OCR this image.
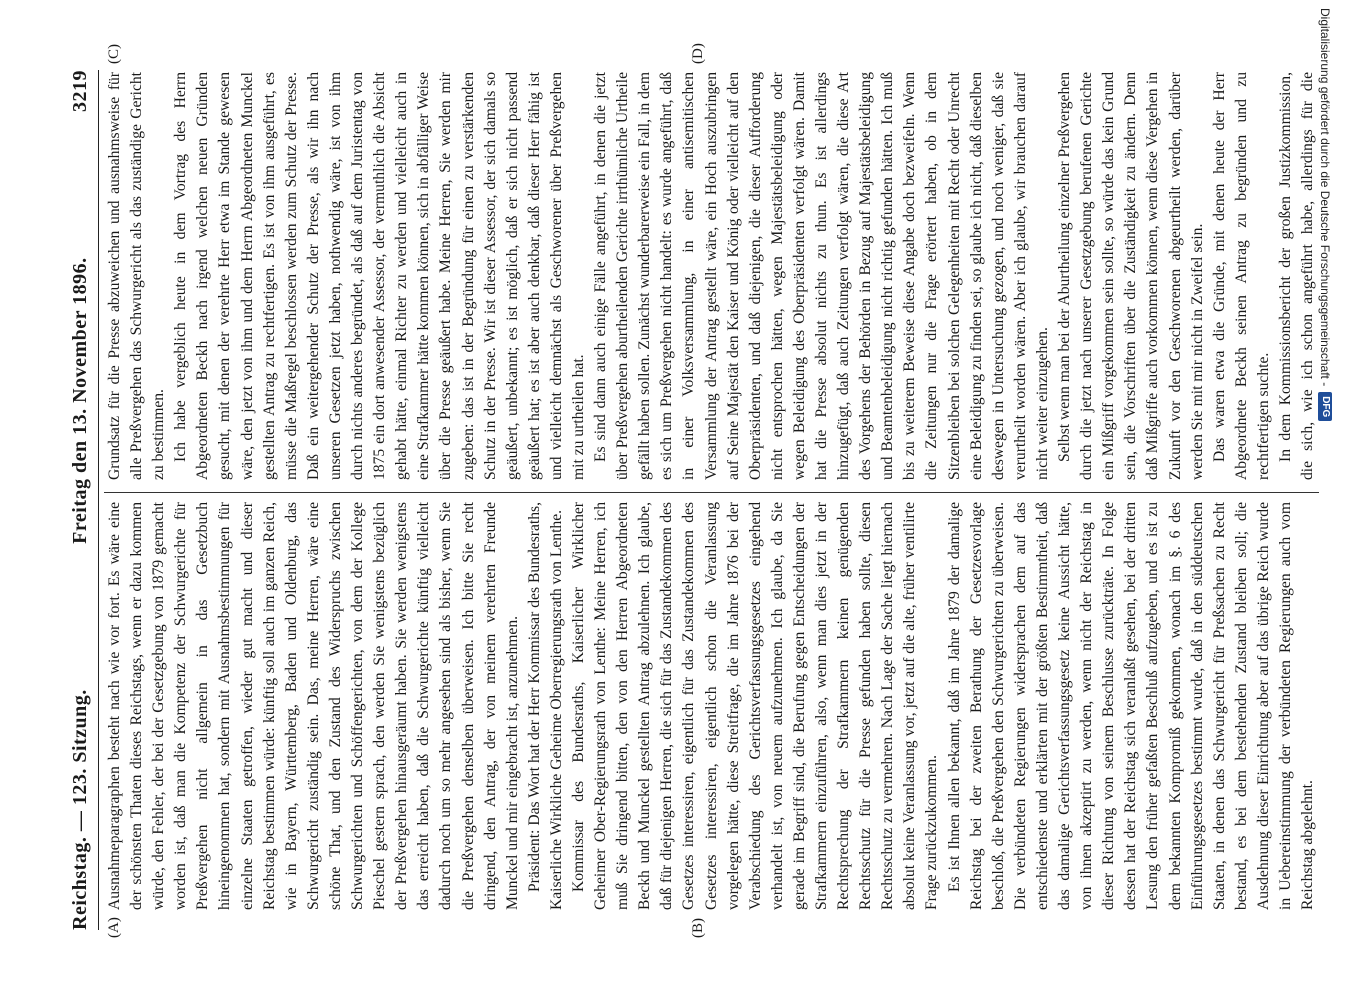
Reichstag. — 123. Sitzung.
Freitag den 13. November 1896.
3219
(A)	(B)
(C)	(D)

Ausnahmeparagraphen besteht nach wie vor fort. Es wäre eine der schönsten Thaten dieses Reichstags, wenn er dazu kommen würde, den Fehler, der bei der Gesetzgebung von 1879 gemacht worden ist, daß man die Kompetenz der Schwurgerichte für Preßvergehen nicht allgemein in das Gesetzbuch hineingenommen hat, sondern mit Ausnahmsbestimmungen für einzelne Staaten getroffen, wieder gut macht und dieser Reichstag bestimmen würde: künftig soll auch im ganzen Reich, wie in Bayern, Württemberg, Baden und Oldenburg, das Schwurgericht zuständig sein. Das, meine Herren, wäre eine schöne That, und den Zustand des Widerspruchs zwischen Schwurgerichten und Schöffengerichten, von dem der Kollege Pieschel gestern sprach, den werden Sie wenigstens bezüglich der Preßvergehen hinausgeräumt haben. Sie werden wenigstens das erreicht haben, daß die Schwurgerichte künftig vielleicht dadurch noch um so mehr angesehen sind als bisher, wenn Sie die Preßvergehen denselben überweisen. Ich bitte Sie recht dringend, den Antrag, der von meinem verehrten Freunde Munckel und mir eingebracht ist, anzunehmen. Präsident: Das Wort hat der Herr Kommissar des Bundesraths, Kaiserliche Wirkliche Geheime Oberregierungsrath von Lenthe. Kommissar des Bundesraths, Kaiserlicher Wirklicher Geheimer Ober-Regierungsrath von Lenthe: Meine Herren, ich muß Sie dringend bitten, den von den Herren Abgeordneten Beckh und Munckel gestellten Antrag abzulehnen. Ich glaube, daß für diejenigen Herren, die sich für das Zustandekommen des Gesetzes interessiren, eigentlich für das Zustandekommen des Gesetzes interessiren, eigentlich schon die Veranlassung vorgelegen hätte, diese Streitfrage, die im Jahre 1876 bei der Verabschiedung des Gerichtsverfassungsgesetzes eingehend verhandelt ist, von neuem aufzunehmen. Ich glaube, da Sie gerade im Begriff sind, die Berufung gegen Entscheidungen der Strafkammern einzuführen, also, wenn man dies jetzt in der Rechtsprechung der Strafkammern keinen genügenden Rechtsschutz für die Presse gefunden haben sollte, diesen Rechtsschutz zu vermehren. Nach Lage der Sache liegt hiernach absolut keine Veranlassung vor, jetzt auf die alte, früher ventilirte Frage zurückzukommen. Es ist Ihnen allen bekannt, daß im Jahre 1879 der damalige Reichstag bei der zweiten Berathung der Gesetzesvorlage beschloß, die Preßvergehen den Schwurgerichten zu überweisen. Die verbündeten Regierungen widersprachen dem auf das entschiedenste und erklärten mit der größten Bestimmtheit, daß das damalige Gerichtsverfassungsgesetz keine Aussicht hätte, von ihnen akzeptirt zu werden, wenn nicht der Reichstag in dieser Richtung von seinem Beschlusse zurückträte. In Folge dessen hat der Reichstag sich veranlaßt gesehen, bei der dritten Lesung den früher gefaßten Beschluß aufzugeben, und es ist zu dem bekannten Kompromiß gekommen, wonach im §. 6 des Einführungsgesetzes bestimmt wurde, daß in den süddeutschen Staaten, in denen das Schwurgericht für Preßsachen zu Recht bestand, es bei dem bestehenden Zustand bleiben soll; die Ausdehnung dieser Einrichtung aber auf das übrige Reich wurde in Uebereinstimmung der verbündeten Regierungen auch vom Reichstag abgelehnt.

Grundsatz für die Presse abzuweichen und ausnahmsweise für alle Preßvergehen das Schwurgericht als das zuständige Gericht zu bestimmen. Ich habe vergeblich heute in dem Vortrag des Herrn Abgeordneten Beckh nach irgend welchen neuen Gründen gesucht, mit denen der verehrte Herr etwa im Stande gewesen wäre, den jetzt von ihm und dem Herrn Abgeordneten Munckel gestellten Antrag zu rechtfertigen. Es ist von ihm ausgeführt, es müsse die Maßregel beschlossen werden zum Schutz der Presse. Daß ein weitergehender Schutz der Presse, als wir ihn nach unseren Gesetzen jetzt haben, nothwendig wäre, ist von ihm durch nichts anderes begründet, als daß auf dem Juristentag von 1875 ein dort anwesender Assessor, der vermuthlich die Absicht gehabt hätte, einmal Richter zu werden und vielleicht auch in eine Strafkammer hätte kommen können, sich in abfälliger Weise über die Presse geäußert habe. Meine Herren, Sie werden mir zugeben: das ist in der Begründung für einen zu verstärkenden Schutz in der Presse. Wir ist dieser Assessor, der sich damals so geäußert, unbekannt; es ist möglich, daß er sich nicht passend geäußert hat; es ist aber auch denkbar, daß dieser Herr fähig ist und vielleicht demnächst als Geschworener über Preßvergehen mit zu urtheilen hat. Es sind dann auch einige Fälle angeführt, in denen die jetzt über Preßvergehen aburtheilenden Gerichte irrthümliche Urtheile gefällt haben sollen. Zunächst wunderbarerweise ein Fall, in dem es sich um Preßvergehen nicht handelt: es wurde angeführt, daß in einer Volksversammlung, in einer antisemitischen Versammlung der Antrag gestellt wäre, ein Hoch auszubringen auf Seine Majestät den Kaiser und König oder vielleicht auf den Oberpräsidenten, und daß diejenigen, die dieser Aufforderung nicht entsprochen hätten, wegen Majestätsbeleidigung oder wegen Beleidigung des Oberpräsidenten verfolgt wären. Damit hat die Presse absolut nichts zu thun. Es ist allerdings hinzugefügt, daß auch Zeitungen verfolgt wären, die diese Art des Vorgehens der Behörden in Bezug auf Majestätsbeleidigung und Beamtenbeleidigung nicht richtig gefunden hätten. Ich muß bis zu weiterem Beweise diese Angabe doch bezweifeln. Wenn die Zeitungen nur die Frage erörtert haben, ob in dem Sitzenbleiben bei solchen Gelegenheiten mit Recht oder Unrecht eine Beleidigung zu finden sei, so glaube ich nicht, daß dieselben deswegen in Untersuchung gezogen, und noch weniger, daß sie verurtheilt worden wären. Aber ich glaube, wir brauchen darauf nicht weiter einzugehen. Selbst wenn man bei der Aburtheilung einzelner Preßvergehen durch die jetzt nach unserer Gesetzgebung berufenen Gerichte ein Mißgriff vorgekommen sein sollte, so würde das kein Grund sein, die Vorschriften über die Zuständigkeit zu ändern. Denn daß Mißgriffe auch vorkommen können, wenn diese Vergehen in Zukunft vor den Geschworenen abgeurtheilt werden, darüber werden Sie mit mir nicht in Zweifel sein. Das waren etwa die Gründe, mit denen heute der Herr Abgeordnete Beckh seinen Antrag zu begründen und zu rechtfertigen suchte. In dem Kommissionsbericht der großen Justizkommission, die sich, wie ich schon angeführt habe, allerdings für die Digitalisierung gefördert durch die Deutsche Forschungsgemeinschaft -
DFG
